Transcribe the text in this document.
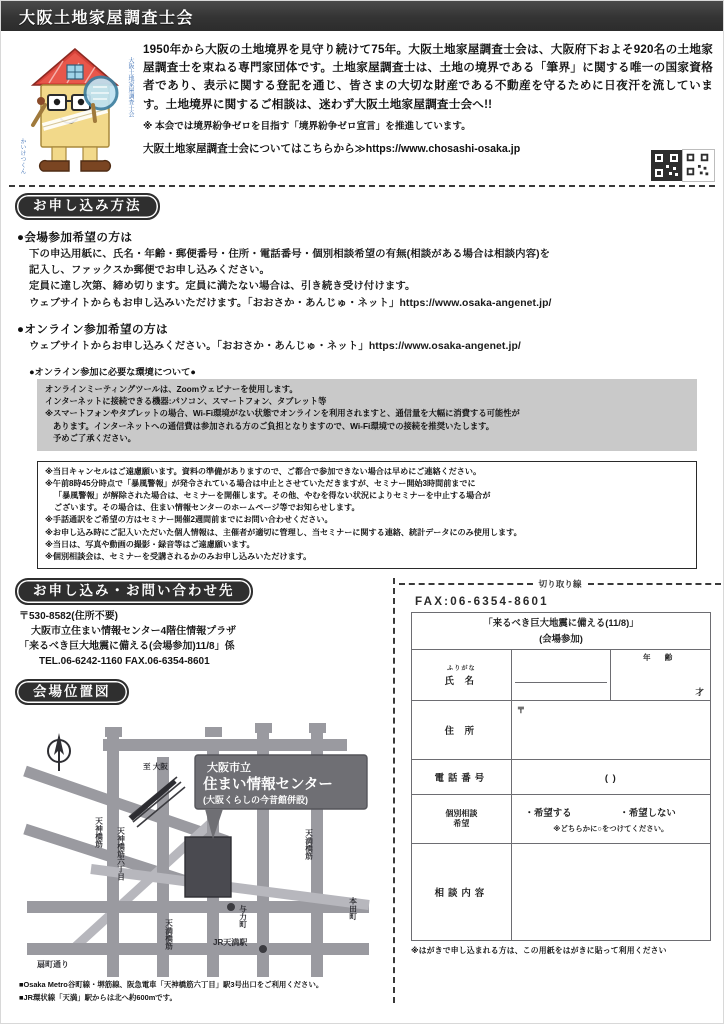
大阪土地家屋調査士会
大阪土地家屋調査士会
かいけつくん

1950年から大阪の土地境界を見守り続けて75年。大阪土地家屋調査士会は、大阪府下およそ920名の土地家屋調査士を束ねる専門家団体です。土地家屋調査士は、土地の境界である「筆界」に関する唯一の国家資格者であり、表示に関する登記を通じ、皆さまの大切な財産である不動産を守るために日夜汗を流しています。土地境界に関するご相談は、迷わず大阪土地家屋調査士会へ!!

※ 本会では境界紛争ゼロを目指す「境界紛争ゼロ宣言」を推進しています。

大阪土地家屋調査士会についてはこちらから≫https://www.chosashi-osaka.jp

お申し込み方法
●会場参加希望の方は
下の申込用紙に、氏名・年齢・郵便番号・住所・電話番号・個別相談希望の有無(相談がある場合は相談内容)を
記入し、ファックスか郵便でお申し込みください。
定員に達し次第、締め切ります。定員に満たない場合は、引き続き受け付けます。
ウェブサイトからもお申し込みいただけます。「おおさか・あんじゅ・ネット」https://www.osaka-angenet.jp/
●オンライン参加希望の方は
ウェブサイトからお申し込みください。「おおさか・あんじゅ・ネット」https://www.osaka-angenet.jp/
●オンライン参加に必要な環境について●

オンラインミーティングツールは、Zoomウェビナーを使用します。

インターネットに接続できる機器:パソコン、スマートフォン、タブレット等

※スマートフォンやタブレットの場合、Wi-Fi環境がない状態でオンラインを利用されますと、通信量を大幅に消費する可能性が

あります。インターネットへの通信費は参加される方のご負担となりますので、Wi-Fi環境での接続を推奨いたします。

予めご了承ください。

※当日キャンセルはご遠慮願います。資料の準備がありますので、ご都合で参加できない場合は早めにご連絡ください。

※午前8時45分時点で「暴風警報」が発令されている場合は中止とさせていただきますが、セミナー開始3時間前までに

「暴風警報」が解除された場合は、セミナーを開催します。その他、やむを得ない状況によりセミナーを中止する場合が

ございます。その場合は、住まい情報センターのホームページ等でお知らせします。

※手話通訳をご希望の方はセミナー開催2週間前までにお問い合わせください。

※お申し込み時にご記入いただいた個人情報は、主催者が適切に管理し、当セミナーに関する連絡、統計データにのみ使用します。

※当日は、写真や動画の撮影・録音等はご遠慮願います。

※個別相談会は、セミナーを受講されるかのみお申し込みいただけます。

お申し込み・お問い合わせ先

〒530-8582(住所不要)

大阪市立住まい情報センター4階住情報プラザ

「来るべき巨大地震に備える(会場参加)11/8」係

TEL.06-6242-1160 FAX.06-6354-8601

会場位置図
大阪市立
住まい情報センター
(大阪くらしの今昔館併設)
天神橋筋 天神橋筋六丁目
天満橋筋
与力町
天満橋筋
本田町
至 大阪
JR天満駅
扇町通り
■Osaka Metro谷町線・堺筋線、阪急電車「天神橋筋六丁目」駅3号出口をご利用ください。
■JR環状線「天満」駅からは北へ約600mです。
切り取り線
FAX:06-6354-8601
「来るべき巨大地震に備える(11/8)」
(会場参加)		

ふりがな
氏 名		年 齢
才

住 所	〒	

電話番号	( )	

個別相談
希望

・希望する	・希望しない
※どちらかに○をつけてください。

相談内容		
※はがきで申し込まれる方は、この用紙をはがきに貼って利用ください
